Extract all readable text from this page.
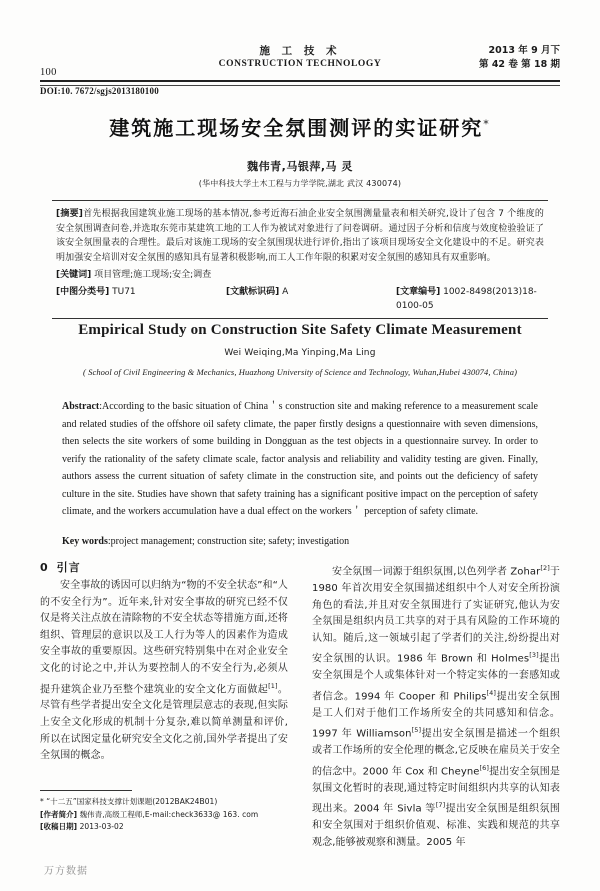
100
施 工 技 术
CONSTRUCTION TECHNOLOGY
2013 年 9 月下
第 42 卷 第 18 期
DOI:10. 7672/sgjs2013180100
建筑施工现场安全氛围测评的实证研究*
魏伟青,马银萍,马 灵
(华中科技大学土木工程与力学学院,湖北 武汉 430074)
[摘要]首先根据我国建筑业施工现场的基本情况,参考近海石油企业安全氛围测量量表和相关研究,设计了包含 7 个维度的安全氛围调查问卷,并选取东莞市某建筑工地的工人作为被试对象进行了问卷调研。通过因子分析和信度与效度检验验证了该安全氛围量表的合理性。最后对该施工现场的安全氛围现状进行评价,指出了该项目现场安全文化建设中的不足。研究表明加强安全培训对安全氛围的感知具有显著积极影响,而工人工作年限的积累对安全氛围的感知具有双重影响。
[关键词] 项目管理;施工现场;安全;调查
[中图分类号] TU71	[文献标识码] A	[文章编号] 1002-8498(2013)18-0100-05
Empirical Study on Construction Site Safety Climate Measurement
Wei Weiqing,Ma Yinping,Ma Ling
( School of Civil Engineering & Mechanics, Huazhong University of Science and Technology, Wuhan,Hubei 430074, China)
Abstract:According to the basic situation of China＇s construction site and making reference to a measurement scale and related studies of the offshore oil safety climate, the paper firstly designs a questionnaire with seven dimensions, then selects the site workers of some building in Dongguan as the test objects in a questionnaire survey. In order to verify the rationality of the safety climate scale, factor analysis and reliability and validity testing are given. Finally, authors assess the current situation of safety climate in the construction site, and points out the deficiency of safety culture in the site. Studies have shown that safety training has a significant positive impact on the perception of safety climate, and the workers accumulation have a dual effect on the workers＇ perception of safety climate.
Key words:project management; construction site; safety; investigation
0 引言

安全事故的诱因可以归纳为“物的不安全状态”和“人的不安全行为”。近年来,针对安全事故的研究已经不仅仅是将关注点放在清除物的不安全状态等措施方面,还将组织、管理层的意识以及工人行为等人的因素作为造成安全事故的重要原因。这些研究特别集中在对企业安全文化的讨论之中,并认为要控制人的不安全行为,必须从提升建筑企业乃至整个建筑业的安全文化方面做起[1]。尽管有些学者提出安全文化是管理层意志的表现,但实际上安全文化形成的机制十分复杂,难以简单测量和评价,所以在试图定量化研究安全文化之前,国外学者提出了安全氛围的概念。

安全氛围一词源于组织氛围,以色列学者 Zohar[2]于 1980 年首次用安全氛围描述组织中个人对安全所扮演角色的看法,并且对安全氛围进行了实证研究,他认为安全氛围是组织内员工共享的对于具有风险的工作环境的认知。随后,这一领域引起了学者们的关注,纷纷提出对安全氛围的认识。1986 年 Brown 和 Holmes[3]提出安全氛围是个人或集体针对一个特定实体的一套感知或者信念。1994 年 Cooper 和 Philips[4]提出安全氛围是工人们对于他们工作场所安全的共同感知和信念。1997 年 Williamson[5]提出安全氛围是描述一个组织或者工作场所的安全伦理的概念,它反映在雇员关于安全的信念中。2000 年 Cox 和 Cheyne[6]提出安全氛围是氛围文化暂时的表现,通过特定时间组织内共享的认知表现出来。2004 年 Sivla 等[7]提出安全氛围是组织氛围和安全氛围对于组织价值观、标准、实践和规范的共享观念,能够被观察和测量。2005 年

* “十二五”国家科技支撑计划课题(2012BAK24B01)

[作者简介] 魏伟青,高级工程师,E-mail:check3633@ 163. com

[收稿日期] 2013-03-02

万方数据
